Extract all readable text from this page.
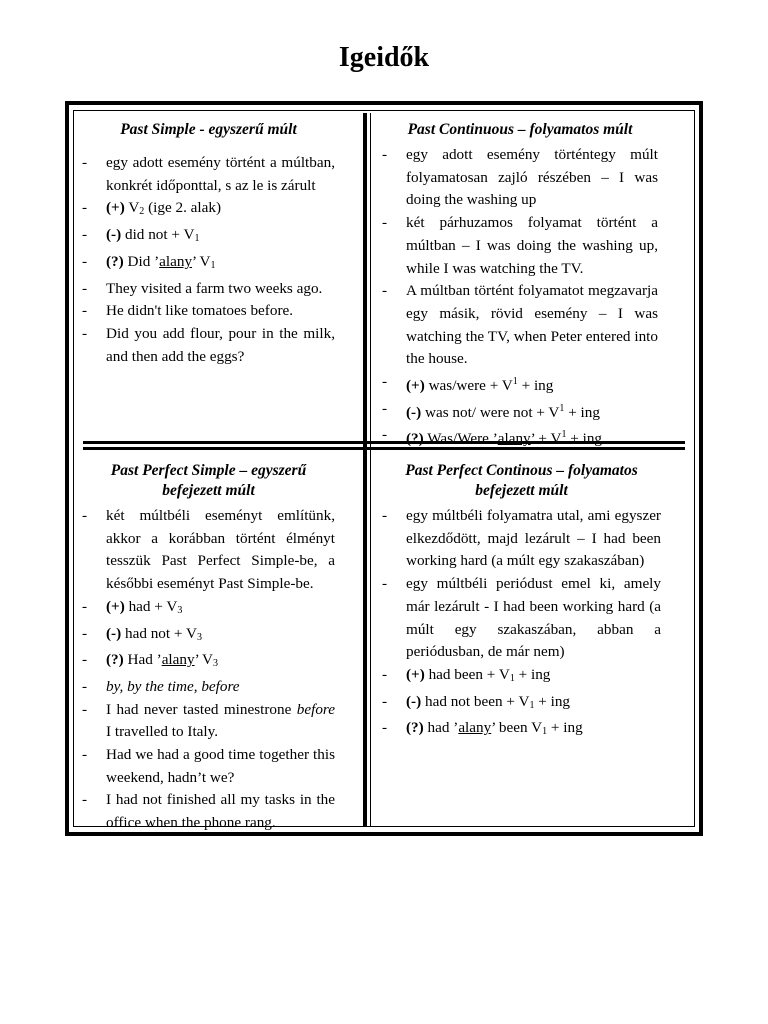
Igeidők
Past Simple - egyszerű múlt
- egy adott esemény történt a múltban, konkrét időponttal, s az le is zárult
- (+) $V_2$ (ige 2. alak)
- (-) did not + $V_1$
- (?) Did ’alany’ $V_1$
- They visited a farm two weeks ago.
- He didn't like tomatoes before.
- Did you add flour, pour in the milk, and then add the eggs?
Past Continuous – folyamatos múlt
- egy adott esemény történtegy múlt folyamatosan zajló részében – I was doing the washing up
- két párhuzamos folyamat történt a múltban – I was doing the washing up, while I was watching the TV.
- A múltban történt folyamatot megzavarja egy másik, rövid esemény – I was watching the TV, when Peter entered into the house.
- (+) was/were + $V^1$ + ing
- (-) was not/ were not + $V^1$ + ing
- (?) Was/Were ’alany’ + $V^1$ + ing
Past Perfect Simple – egyszerű
befejezett múlt
- két múltbéli eseményt említünk, akkor a korábban történt élményt tesszük Past Perfect Simple-be, a későbbi eseményt Past Simple-be.
- (+) had + $V_3$
- (-) had not + $V_3$
- (?) Had ’alany’ $V_3$
- by, by the time, before
- I had never tasted minestrone before I travelled to Italy.
- Had we had a good time together this weekend, hadn’t we?
- I had not finished all my tasks in the office when the phone rang.
Past Perfect Continous – folyamatos
befejezett múlt
- egy múltbéli folyamatra utal, ami egyszer elkezdődött, majd lezárult – I had been working hard (a múlt egy szakaszában)
- egy múltbéli periódust emel ki, amely már lezárult - I had been working hard (a múlt egy szakaszában, abban a periódusban, de már nem)
- (+) had been + $V_1$ + ing
- (-) had not been + $V_1$ + ing
- (?) had ’alany’ been $V_1$ + ing
